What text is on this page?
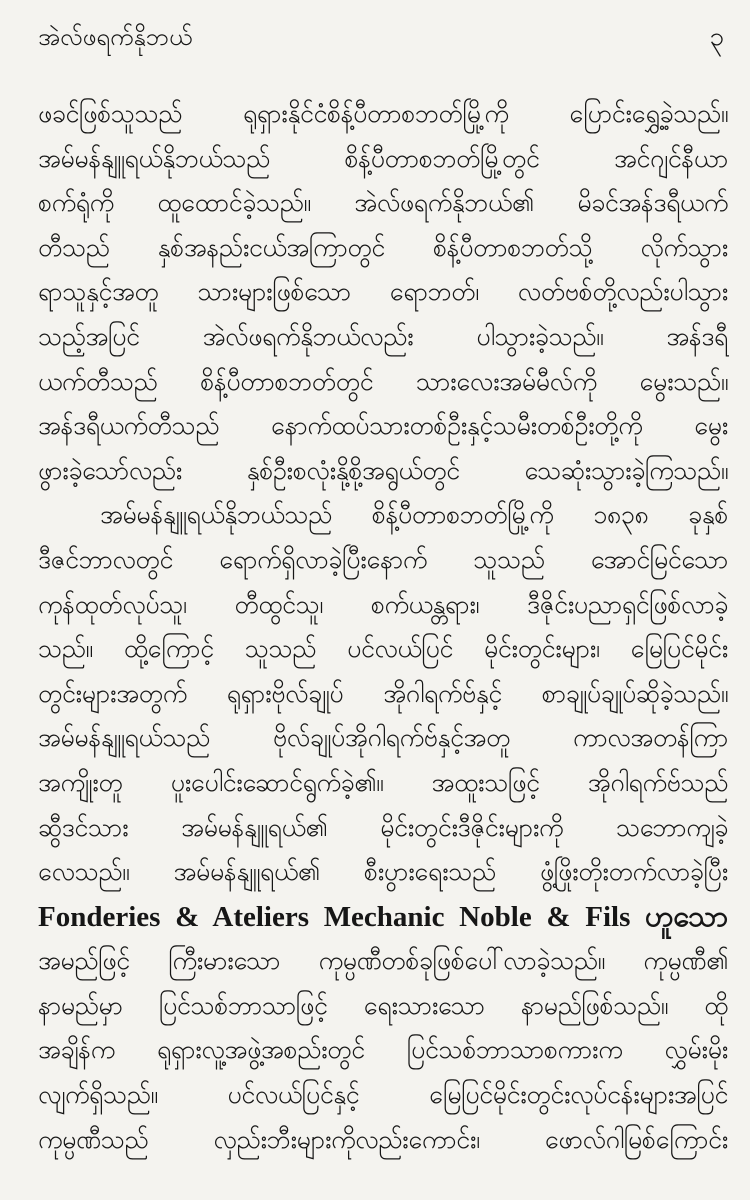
အဲလ်ဖရက်နိုဘယ်	၃
ဖခင်ဖြစ်သူသည် ရုရှားနိုင်ငံစိန့်ပီတာစဘတ်မြို့ကို ပြောင်းရွှေ့ခဲ့သည်။
အမ်မန်နျူရယ်နိုဘယ်သည် စိန့်ပီတာစဘတ်မြို့တွင် အင်ဂျင်နီယာ
စက်ရုံကို ထူထောင်ခဲ့သည်။ အဲလ်ဖရက်နိုဘယ်၏ မိခင်အန်ဒရီယက်
တီသည် နှစ်အနည်းငယ်အကြာတွင် စိန့်ပီတာစဘတ်သို့ လိုက်သွား
ရာသူနှင့်အတူ သားများဖြစ်သော ရောဘတ်၊ လတ်ဗစ်တို့လည်းပါသွား
သည့်အပြင် အဲလ်ဖရက်နိုဘယ်လည်း ပါသွားခဲ့သည်။ အန်ဒရီ
ယက်တီသည် စိန့်ပီတာစဘတ်တွင် သားလေးအမ်မီလ်ကို မွေးသည်။
အန်ဒရီယက်တီသည် နောက်ထပ်သားတစ်ဦးနှင့်သမီးတစ်ဦးတို့ကို မွေး
ဖွားခဲ့သော်လည်း နှစ်ဦးစလုံးနို့စို့အရွယ်တွင် သေဆုံးသွားခဲ့ကြသည်။
အမ်မန်နျူရယ်နိုဘယ်သည် စိန့်ပီတာစဘတ်မြို့ကို ၁၈၃၈ ခုနှစ်
ဒီဇင်ဘာလတွင် ရောက်ရှိလာခဲ့ပြီးနောက် သူသည် အောင်မြင်သော
ကုန်ထုတ်လုပ်သူ၊ တီထွင်သူ၊ စက်ယန္တရား၊ ဒီဇိုင်းပညာရှင်ဖြစ်လာခဲ့
သည်။ ထို့ကြောင့် သူသည် ပင်လယ်ပြင် မိုင်းတွင်းများ၊ မြေပြင်မိုင်း
တွင်းများအတွက် ရုရှားဗိုလ်ချုပ် အိုဂါရက်ဗ်နှင့် စာချုပ်ချုပ်ဆိုခဲ့သည်။
အမ်မန်နျူရယ်သည် ဗိုလ်ချုပ်အိုဂါရက်ဗ်နှင့်အတူ ကာလအတန်ကြာ
အကျိုးတူ ပူးပေါင်းဆောင်ရွက်ခဲ့၏။ အထူးသဖြင့် အိုဂါရက်ဗ်သည်
ဆွီဒင်သား အမ်မန်နျူရယ်၏ မိုင်းတွင်းဒီဇိုင်းများကို သဘောကျခဲ့
လေသည်။ အမ်မန်နျူရယ်၏ စီးပွားရေးသည် ဖွံ့ဖြိုးတိုးတက်လာခဲ့ပြီး
Fonderies & Ateliers Mechanic Noble & Fils ဟူသော
အမည်ဖြင့် ကြီးမားသော ကုမ္ပဏီတစ်ခုဖြစ်ပေါ်လာခဲ့သည်။ ကုမ္ပဏီ၏
နာမည်မှာ ပြင်သစ်ဘာသာဖြင့် ရေးသားသော နာမည်ဖြစ်သည်။ ထို
အချိန်က ရုရှားလူ့အဖွဲ့အစည်းတွင် ပြင်သစ်ဘာသာစကားက လွှမ်းမိုး
လျက်ရှိသည်။ ပင်လယ်ပြင်နှင့် မြေပြင်မိုင်းတွင်းလုပ်ငန်းများအပြင်
ကုမ္ပဏီသည် လှည်းဘီးများကိုလည်းကောင်း၊ ဖောလ်ဂါမြစ်ကြောင်း
